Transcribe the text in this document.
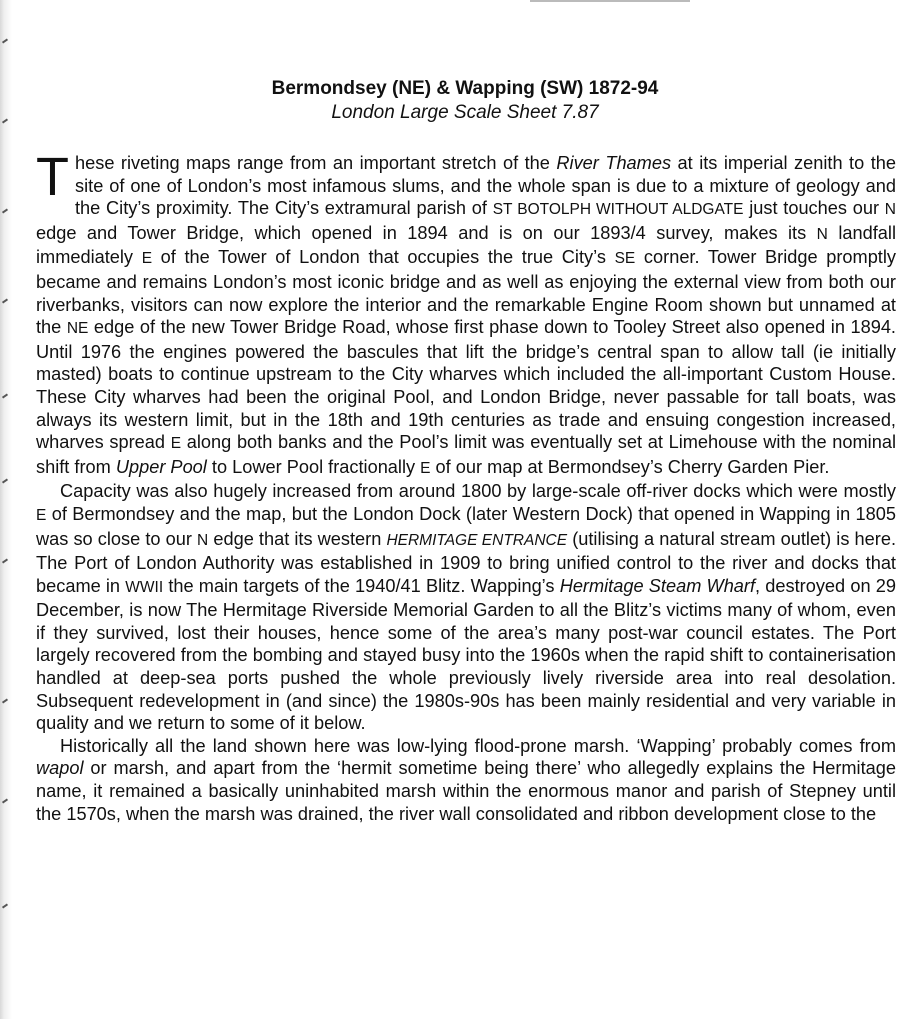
Bermondsey (NE) & Wapping (SW) 1872-94
London Large Scale Sheet 7.87

These riveting maps range from an important stretch of the River Thames at its imperial zenith to the site of one of London’s most infamous slums, and the whole span is due to a mixture of geology and the City’s proximity. The City’s extramural parish of ST BOTOLPH WITHOUT ALDGATE just touches our N edge and Tower Bridge, which opened in 1894 and is on our 1893/4 survey, makes its N landfall immediately E of the Tower of London that occupies the true City’s SE corner. Tower Bridge promptly became and remains London’s most iconic bridge and as well as enjoying the external view from both our riverbanks, visitors can now explore the interior and the remarkable Engine Room shown but unnamed at the NE edge of the new Tower Bridge Road, whose first phase down to Tooley Street also opened in 1894. Until 1976 the engines powered the bascules that lift the bridge’s central span to allow tall (ie initially masted) boats to continue upstream to the City wharves which included the all-important Custom House. These City wharves had been the original Pool, and London Bridge, never passable for tall boats, was always its western limit, but in the 18th and 19th centuries as trade and ensuing congestion increased, wharves spread E along both banks and the Pool’s limit was eventually set at Limehouse with the nominal shift from Upper Pool to Lower Pool fractionally E of our map at Bermondsey’s Cherry Garden Pier.

Capacity was also hugely increased from around 1800 by large-scale off-river docks which were mostly E of Bermondsey and the map, but the London Dock (later Western Dock) that opened in Wapping in 1805 was so close to our N edge that its western HERMITAGE ENTRANCE (utilising a natural stream outlet) is here. The Port of London Authority was established in 1909 to bring unified control to the river and docks that became in WWII the main targets of the 1940/41 Blitz. Wapping’s Hermitage Steam Wharf, destroyed on 29 December, is now The Hermitage Riverside Memorial Garden to all the Blitz’s victims many of whom, even if they survived, lost their houses, hence some of the area’s many post-war council estates. The Port largely recovered from the bombing and stayed busy into the 1960s when the rapid shift to containerisation handled at deep-sea ports pushed the whole previously lively riverside area into real desolation. Subsequent redevelopment in (and since) the 1980s-90s has been mainly residential and very variable in quality and we return to some of it below.

Historically all the land shown here was low-lying flood-prone marsh. ‘Wapping’ probably comes from wapol or marsh, and apart from the ‘hermit sometime being there’ who allegedly explains the Hermitage name, it remained a basically uninhabited marsh within the enormous manor and parish of Stepney until the 1570s, when the marsh was drained, the river wall consolidated and ribbon development close to the
